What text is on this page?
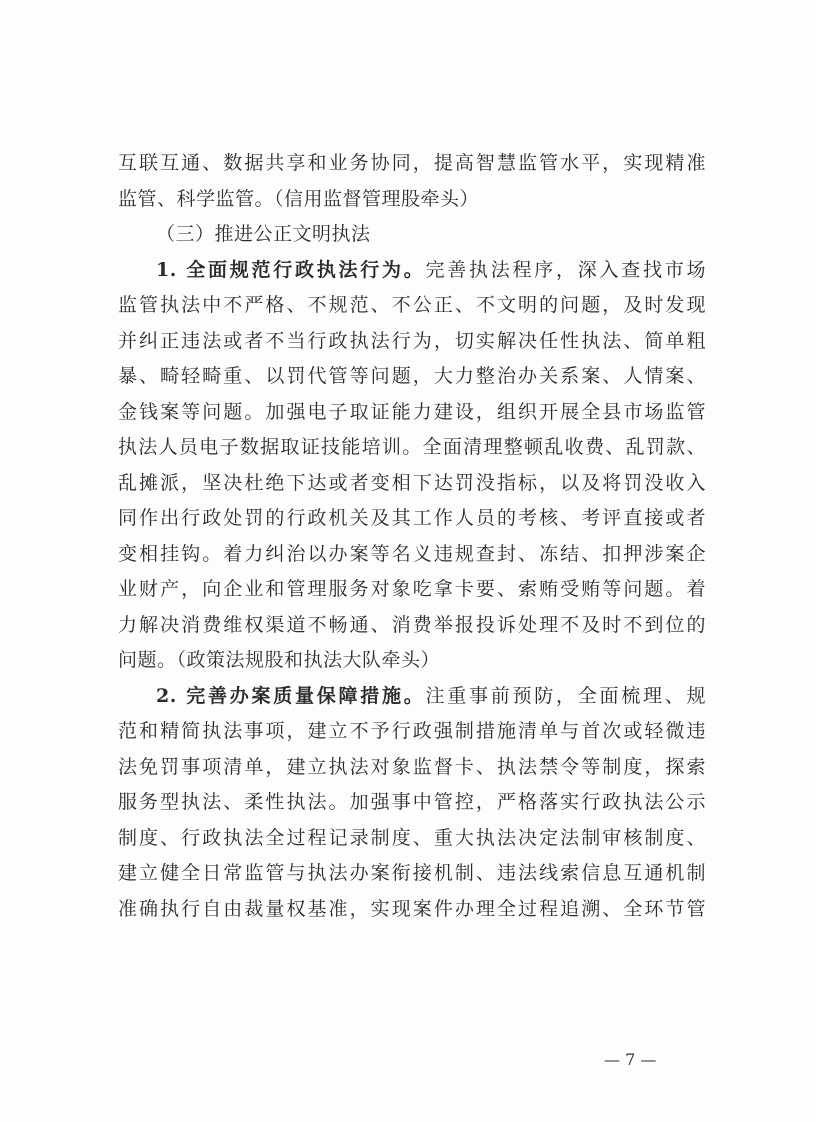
互联互通、数据共享和业务协同，提高智慧监管水平，实现精准
监管、科学监管。（信用监督管理股牵头）
（三）推进公正文明执法
1. 全面规范行政执法行为。完善执法程序，深入查找市场
监管执法中不严格、不规范、不公正、不文明的问题，及时发现
并纠正违法或者不当行政执法行为，切实解决任性执法、简单粗
暴、畸轻畸重、以罚代管等问题，大力整治办关系案、人情案、
金钱案等问题。加强电子取证能力建设，组织开展全县市场监管
执法人员电子数据取证技能培训。全面清理整顿乱收费、乱罚款、
乱摊派，坚决杜绝下达或者变相下达罚没指标，以及将罚没收入
同作出行政处罚的行政机关及其工作人员的考核、考评直接或者
变相挂钩。着力纠治以办案等名义违规查封、冻结、扣押涉案企
业财产，向企业和管理服务对象吃拿卡要、索贿受贿等问题。着
力解决消费维权渠道不畅通、消费举报投诉处理不及时不到位的
问题。（政策法规股和执法大队牵头）
2. 完善办案质量保障措施。注重事前预防，全面梳理、规
范和精简执法事项，建立不予行政强制措施清单与首次或轻微违
法免罚事项清单，建立执法对象监督卡、执法禁令等制度，探索
服务型执法、柔性执法。加强事中管控，严格落实行政执法公示
制度、行政执法全过程记录制度、重大执法决定法制审核制度、
建立健全日常监管与执法办案衔接机制、违法线索信息互通机制
准确执行自由裁量权基准，实现案件办理全过程追溯、全环节管
— 7 —
